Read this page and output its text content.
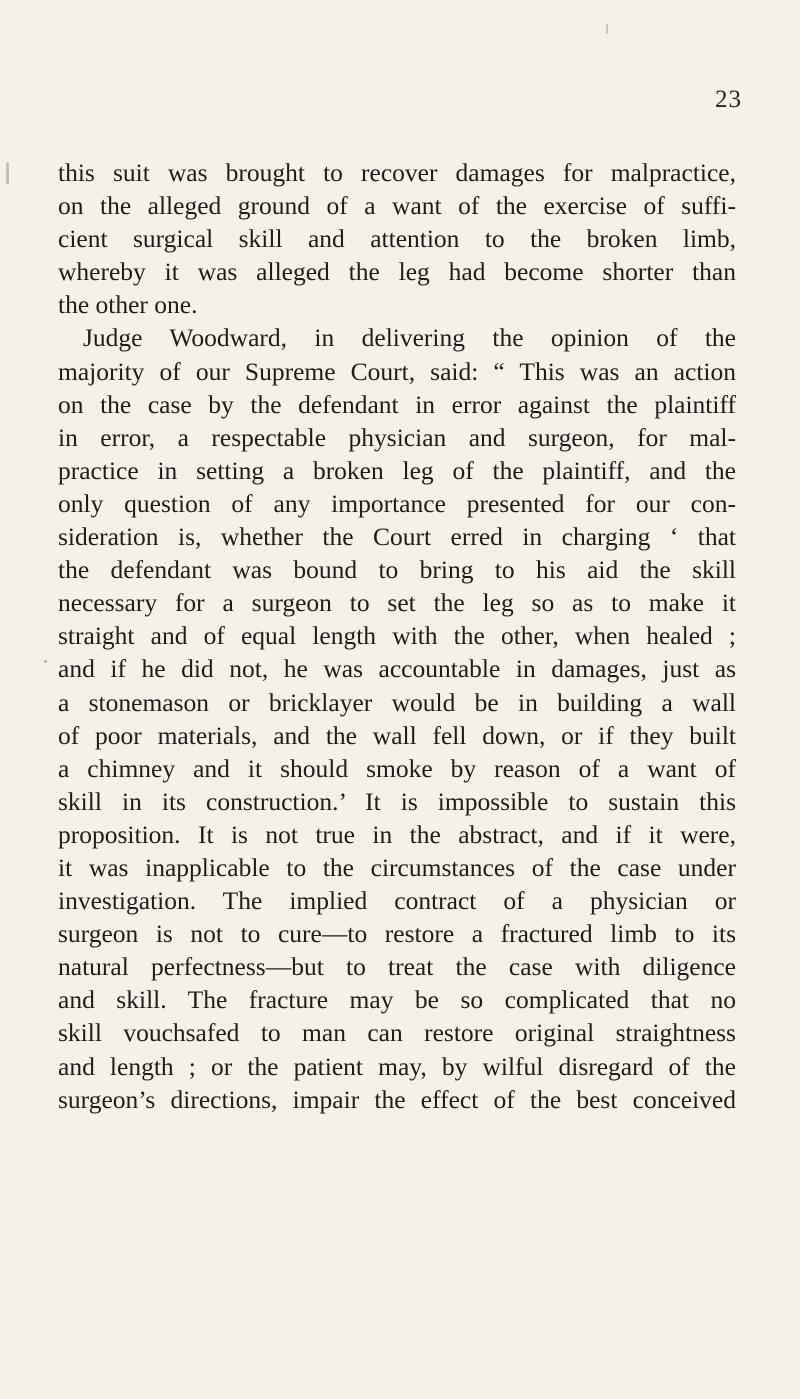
23
this suit was brought to recover damages for malpractice,
on the alleged ground of a want of the exercise of suffi-
cient surgical skill and attention to the broken limb,
whereby it was alleged the leg had become shorter than
the other one.
Judge Woodward, in delivering the opinion of the
majority of our Supreme Court, said: “ This was an action
on the case by the defendant in error against the plaintiff
in error, a respectable physician and surgeon, for mal-
practice in setting a broken leg of the plaintiff, and the
only question of any importance presented for our con-
sideration is, whether the Court erred in charging ‘ that
the defendant was bound to bring to his aid the skill
necessary for a surgeon to set the leg so as to make it
straight and of equal length with the other, when healed ;
and if he did not, he was accountable in damages, just as
a stonemason or bricklayer would be in building a wall
of poor materials, and the wall fell down, or if they built
a chimney and it should smoke by reason of a want of
skill in its construction.’ It is impossible to sustain this
proposition. It is not true in the abstract, and if it were,
it was inapplicable to the circumstances of the case under
investigation. The implied contract of a physician or
surgeon is not to cure—to restore a fractured limb to its
natural perfectness—but to treat the case with diligence
and skill. The fracture may be so complicated that no
skill vouchsafed to man can restore original straightness
and length ; or the patient may, by wilful disregard of the
surgeon’s directions, impair the effect of the best conceived
